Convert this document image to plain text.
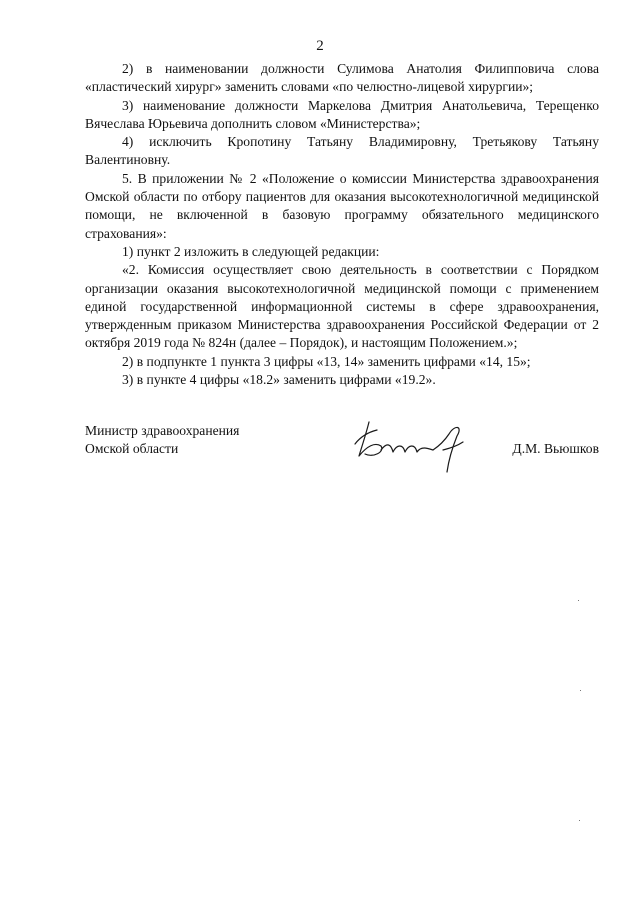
2

2) в наименовании должности Сулимова Анатолия Филипповича слова «пластический хирург» заменить словами «по челюстно-лицевой хирургии»;

3) наименование должности Маркелова Дмитрия Анатольевича, Терещенко Вячеслава Юрьевича дополнить словом «Министерства»;

4) исключить Кропотину Татьяну Владимировну, Третьякову Татьяну Валентиновну.

5. В приложении № 2 «Положение о комиссии Министерства здравоохранения Омской области по отбору пациентов для оказания высокотехнологичной медицинской помощи, не включенной в базовую программу обязательного медицинского страхования»:

1) пункт 2 изложить в следующей редакции:

«2. Комиссия осуществляет свою деятельность в соответствии с Порядком организации оказания высокотехнологичной медицинской помощи с применением единой государственной информационной системы в сфере здравоохранения, утвержденным приказом Министерства здравоохранения Российской Федерации от 2 октября 2019 года № 824н (далее – Порядок), и настоящим Положением.»;

2) в подпункте 1 пункта 3 цифры «13, 14» заменить цифрами «14, 15»;

3) в пункте 4 цифры «18.2» заменить цифрами «19.2».

Министр здравоохранения
Омской области	Д.М. Вьюшков
